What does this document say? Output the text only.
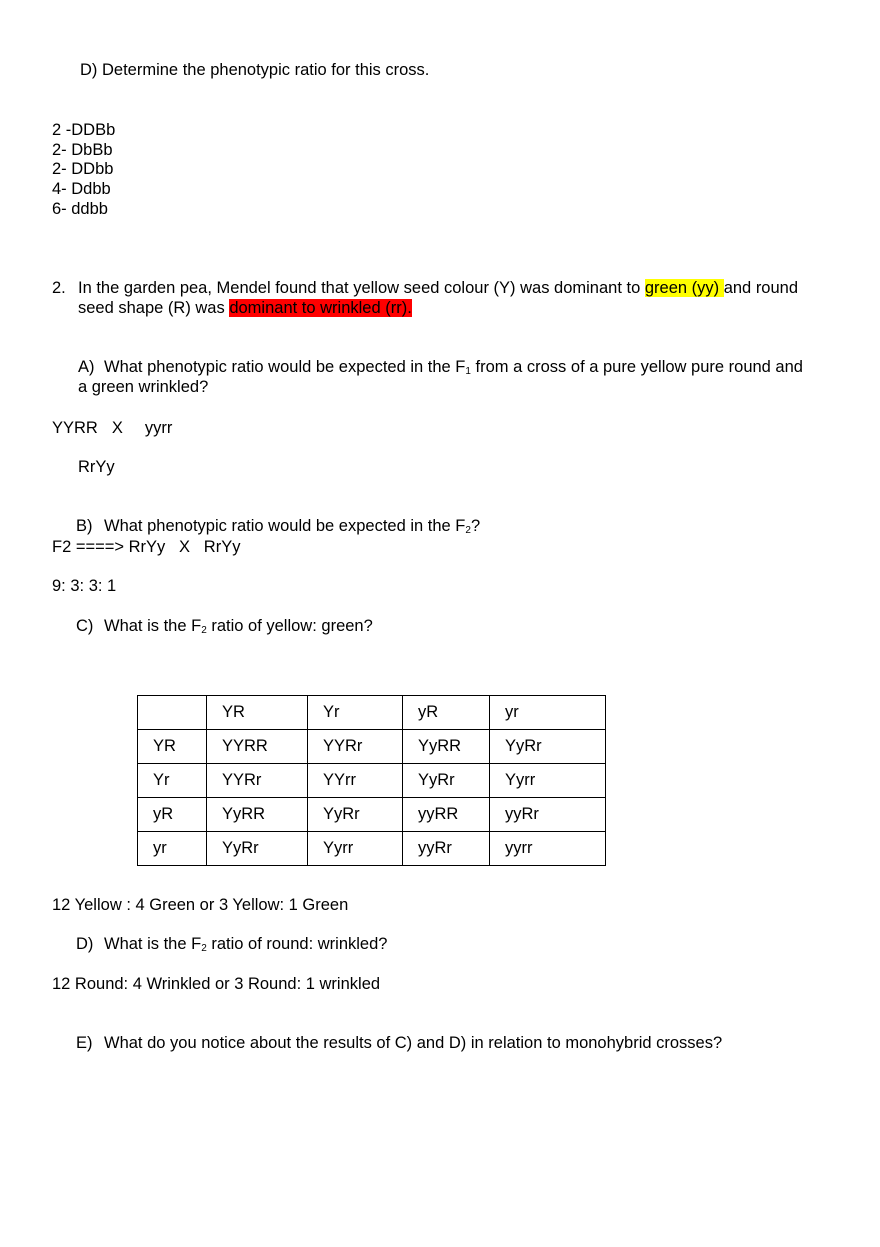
D) Determine the phenotypic ratio for this cross.
2 -DDBb
2- DbBb
2- DDbb
4- Ddbb
6- ddbb
2. In the garden pea, Mendel found that yellow seed colour (Y) was dominant to green (yy) and round
seed shape (R) was dominant to wrinkled (rr).
A) What phenotypic ratio would be expected in the $F_1$ from a cross of a pure yellow pure round and
a green wrinkled?
YYRR X yyrr
RrYy
B) What phenotypic ratio would be expected in the $F_2$?
F2 ====> RrYy   X   RrYy
9: 3: 3: 1
C) What is the $F_2$ ratio of yellow: green?
	YR	Yr	yR	yr
YR	YYRR	YYRr	YyRR	YyRr
Yr	YYRr	YYrr	YyRr	Yyrr
yR	YyRR	YyRr	yyRR	yyRr
yr	YyRr	Yyrr	yyRr	yyrr
12 Yellow : 4 Green or 3 Yellow: 1 Green
D) What is the $F_2$ ratio of round: wrinkled?
12 Round: 4 Wrinkled or 3 Round: 1 wrinkled
E) What do you notice about the results of C) and D) in relation to monohybrid crosses?
